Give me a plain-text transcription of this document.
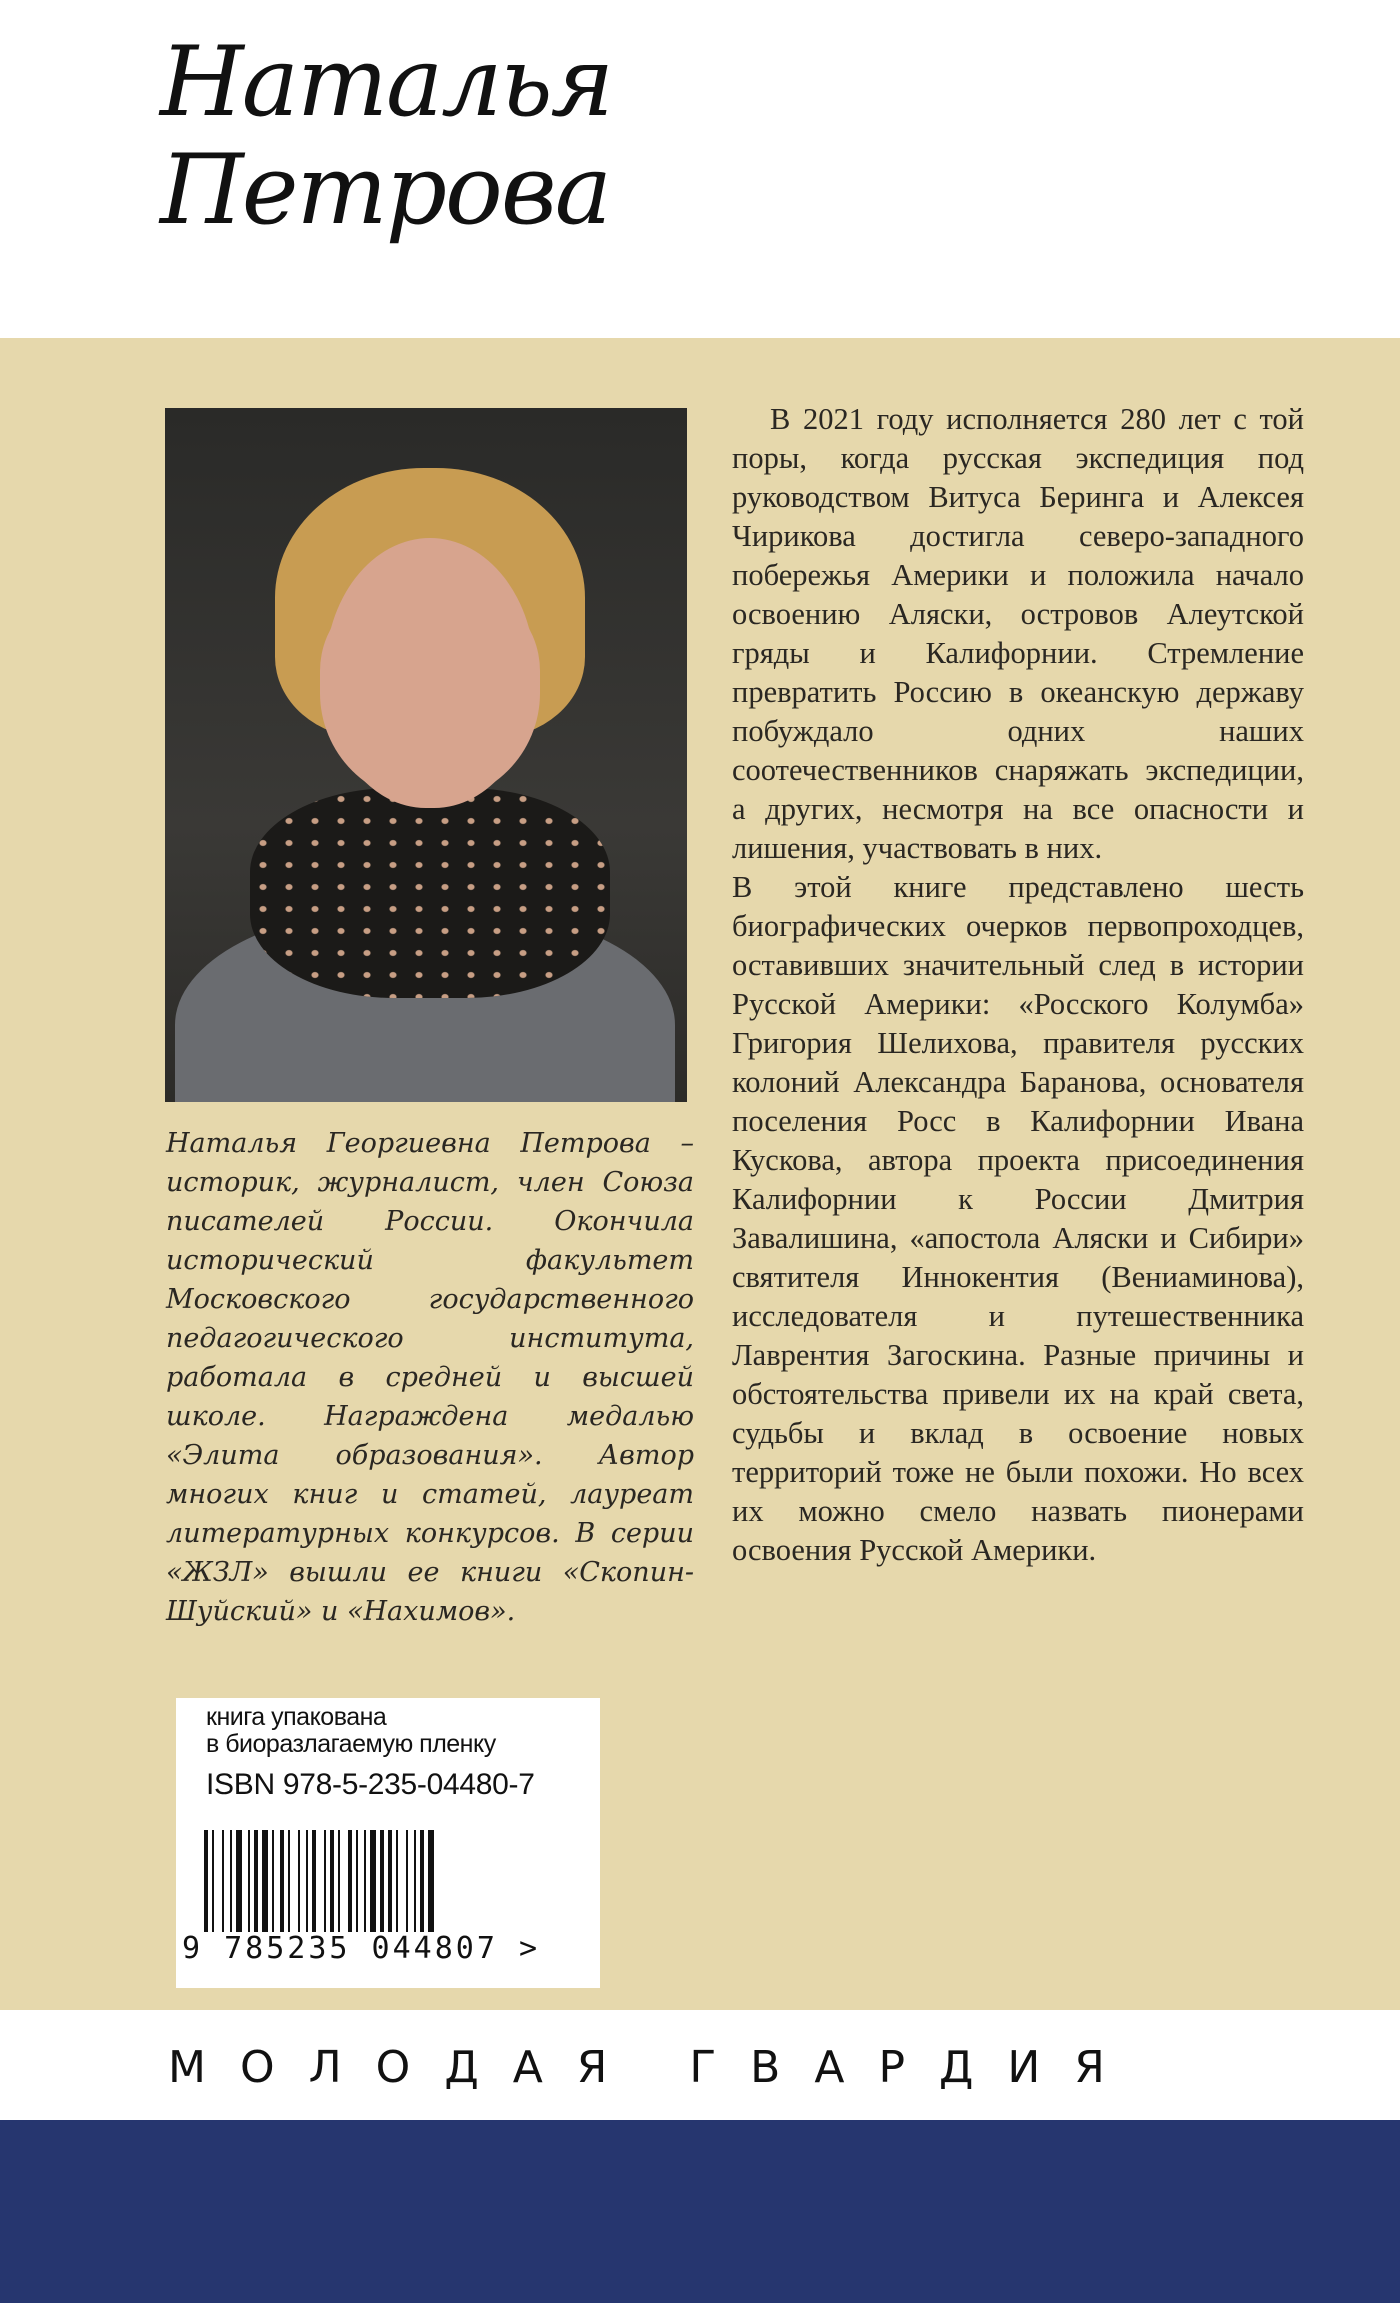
Наталья
Петрова
Наталья Георгиевна Петрова – историк, журналист, член Союза писателей России. Окончила исторический факультет Московского государственного педагогического института, работала в средней и высшей школе. Награждена медалью «Элита образования». Автор многих книг и статей, лауреат литературных конкурсов. В серии «ЖЗЛ» вышли ее книги «Скопин-Шуйский» и «Нахимов».

В 2021 году исполняется 280 лет с той поры, когда русская экспедиция под руководством Витуса Беринга и Алексея Чирикова достигла северо-западного побережья Америки и положила начало освоению Аляски, островов Алеутской гряды и Калифорнии. Стремление превратить Россию в океанскую державу побуждало одних наших соотечественников снаряжать экспедиции, а других, несмотря на все опасности и лишения, участвовать в них.

В этой книге представлено шесть биографических очерков первопроходцев, оставивших значительный след в истории Русской Америки: «Росского Колумба» Григория Шелихова, правителя русских колоний Александра Баранова, основателя поселения Росс в Калифорнии Ивана Кускова, автора проекта присоединения Калифорнии к России Дмитрия Завалишина, «апостола Аляски и Сибири» святителя Иннокентия (Вениаминова), исследователя и путешественника Лаврентия Загоскина. Разные причины и обстоятельства привели их на край света, судьбы и вклад в освоение новых территорий тоже не были похожи. Но всех их можно смело назвать пионерами освоения Русской Америки.

книга упакована
в биоразлагаемую пленку
ISBN 978-5-235-04480-7
9 785235 044807 >
МОЛОДАЯ ГВАРДИЯ
